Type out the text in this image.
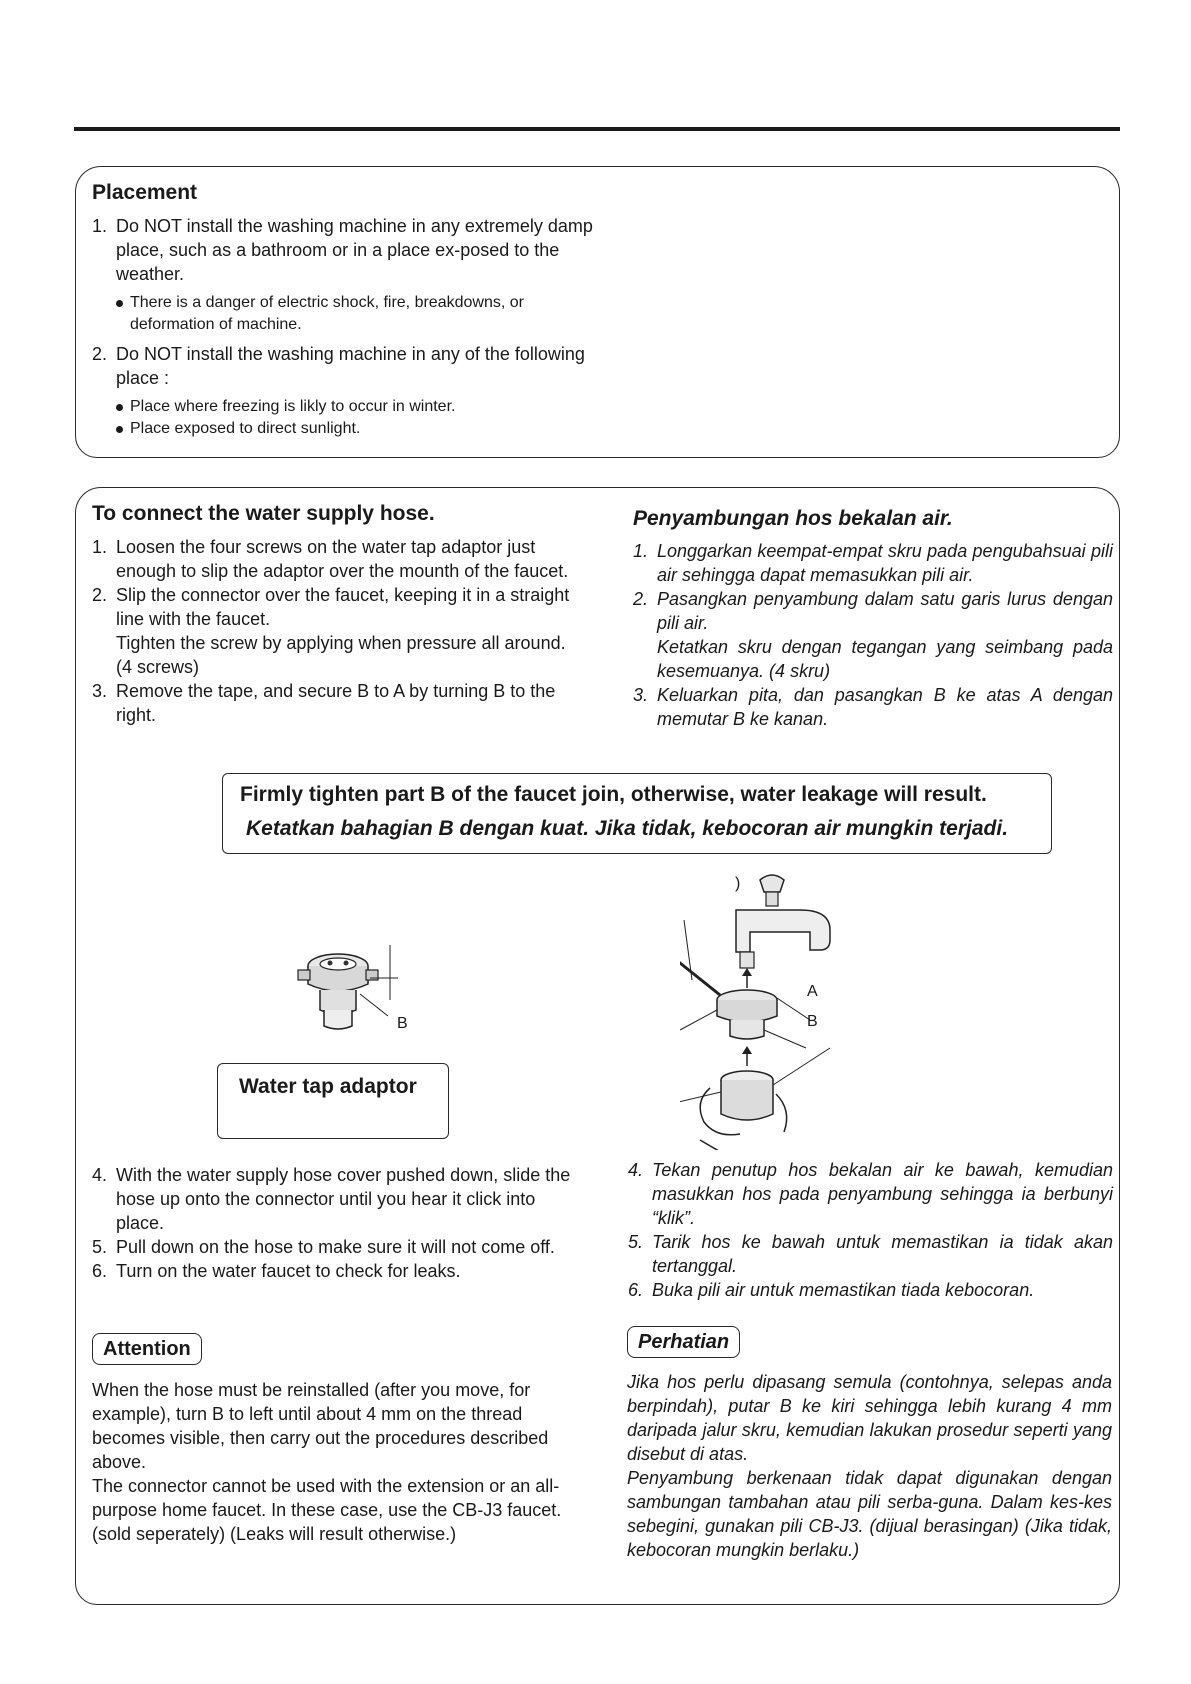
Placement
1. Do NOT install the washing machine in any extremely damp place, such as a bathroom or in a place ex-posed to the weather.
There is a danger of electric shock, fire, breakdowns, or deformation of machine.
2. Do NOT install the washing machine in any of the following place :
Place where freezing is likly to occur in winter.
Place exposed to direct sunlight.
To connect the water supply hose.
1. Loosen the four screws on the water tap adaptor just enough to slip the adaptor over the mounth of the faucet.
2. Slip the connector over the faucet, keeping it in a straight line with the faucet.
Tighten the screw by applying when pressure all around. (4 screws)
3. Remove the tape, and secure B to A by turning B to the right.
Penyambungan hos bekalan air.
1. Longgarkan keempat-empat skru pada pengubahsuai pili air sehingga dapat memasukkan pili air.
2. Pasangkan penyambung dalam satu garis lurus dengan pili air.
Ketatkan skru dengan tegangan yang seimbang pada kesemuanya. (4 skru)
3. Keluarkan pita, dan pasangkan B ke atas A dengan memutar B ke kanan.
Firmly tighten part B of the faucet join, otherwise, water leakage will result.
Ketatkan bahagian B dengan kuat. Jika tidak, kebocoran air mungkin terjadi.
B
Water tap adaptor
)
A
B
4. With the water supply hose cover pushed down, slide the hose up onto the connector until you hear it click into place.
5. Pull down on the hose to make sure it will not come off.
6. Turn on the water faucet to check for leaks.
4. Tekan penutup hos bekalan air ke bawah, kemudian masukkan hos pada penyambung sehingga ia berbunyi “klik”.
5. Tarik hos ke bawah untuk memastikan ia tidak akan tertanggal.
6. Buka pili air untuk memastikan tiada kebocoran.
Attention

When the hose must be reinstalled (after you move, for example), turn B to left until about 4 mm on the thread becomes visible, then carry out the procedures described above.

The connector cannot be used with the extension or an all-purpose home faucet. In these case, use the CB-J3 faucet. (sold seperately) (Leaks will result otherwise.)

Perhatian

Jika hos perlu dipasang semula (contohnya, selepas anda berpindah), putar B ke kiri sehingga lebih kurang 4 mm daripada jalur skru, kemudian lakukan prosedur seperti yang disebut di atas.

Penyambung berkenaan tidak dapat digunakan dengan sambungan tambahan atau pili serba-guna. Dalam kes-kes sebegini, gunakan pili CB-J3. (dijual berasingan) (Jika tidak, kebocoran mungkin berlaku.)
